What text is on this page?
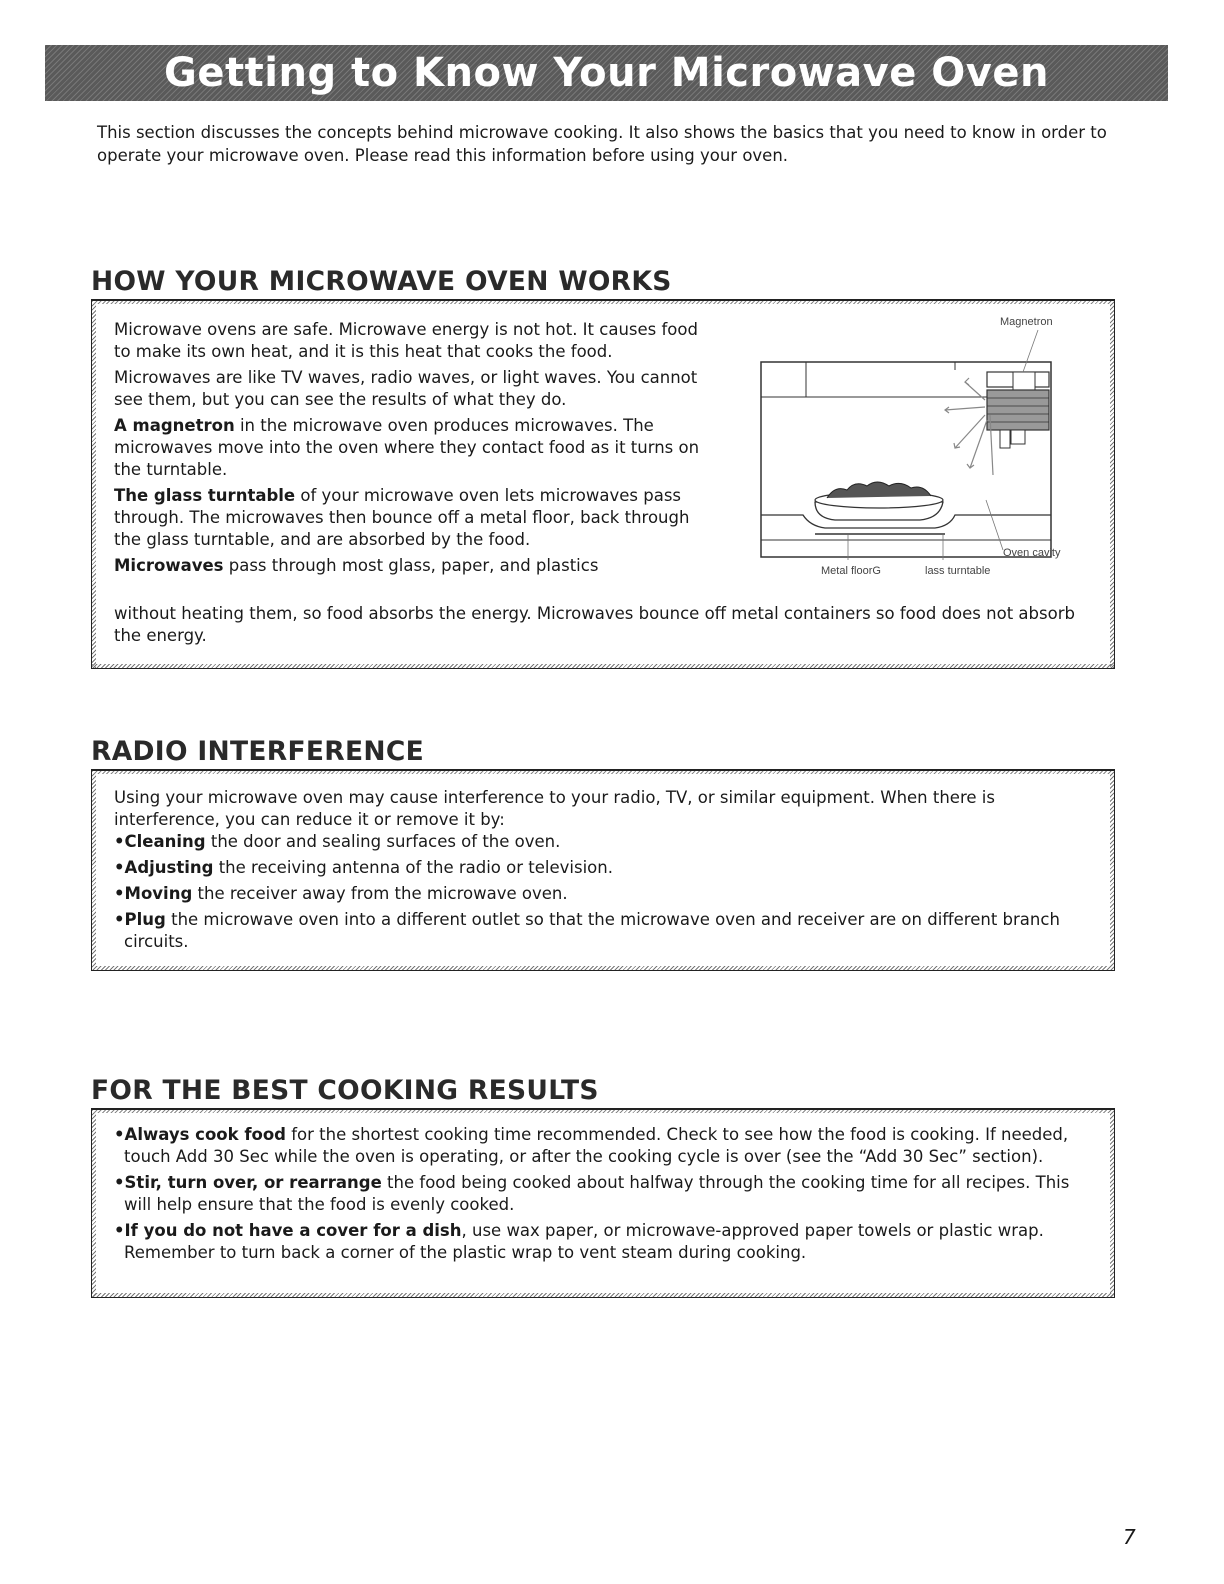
Getting to Know Your Microwave Oven

This section discusses the concepts behind microwave cooking. It also shows the basics that you need to know in order to operate your microwave oven. Please read this information before using your oven.

HOW YOUR MICROWAVE OVEN WORKS

Microwave ovens are safe. Microwave energy is not hot. It causes food to make its own heat, and it is this heat that cooks the food.

Microwaves are like TV waves, radio waves, or light waves. You cannot see them, but you can see the results of what they do.

A magnetron in the microwave oven produces microwaves. The microwaves move into the oven where they contact food as it turns on the turntable.

The glass turntable of your microwave oven lets microwaves pass through. The microwaves then bounce off a metal floor, back through the glass turntable, and are absorbed by the food.

Microwaves pass through most glass, paper, and plastics

without heating them, so food absorbs the energy. Microwaves bounce off metal containers so food does not absorb the energy.

Magnetron
Oven cavity
Metal floorG	lass turntable
RADIO INTERFERENCE

Using your microwave oven may cause interference to your radio, TV, or similar equipment. When there is interference, you can reduce it or remove it by:

•Cleaning the door and sealing surfaces of the oven.

•Adjusting the receiving antenna of the radio or television.

•Moving the receiver away from the microwave oven.

•Plug the microwave oven into a different outlet so that the microwave oven and receiver are on different branch circuits.

FOR THE BEST COOKING RESULTS

•Always cook food for the shortest cooking time recommended. Check to see how the food is cooking. If needed, touch Add 30 Sec while the oven is operating, or after the cooking cycle is over (see the “Add 30 Sec” section).

•Stir, turn over, or rearrange the food being cooked about halfway through the cooking time for all recipes. This will help ensure that the food is evenly cooked.

•If you do not have a cover for a dish, use wax paper, or microwave-approved paper towels or plastic wrap. Remember to turn back a corner of the plastic wrap to vent steam during cooking.

7
